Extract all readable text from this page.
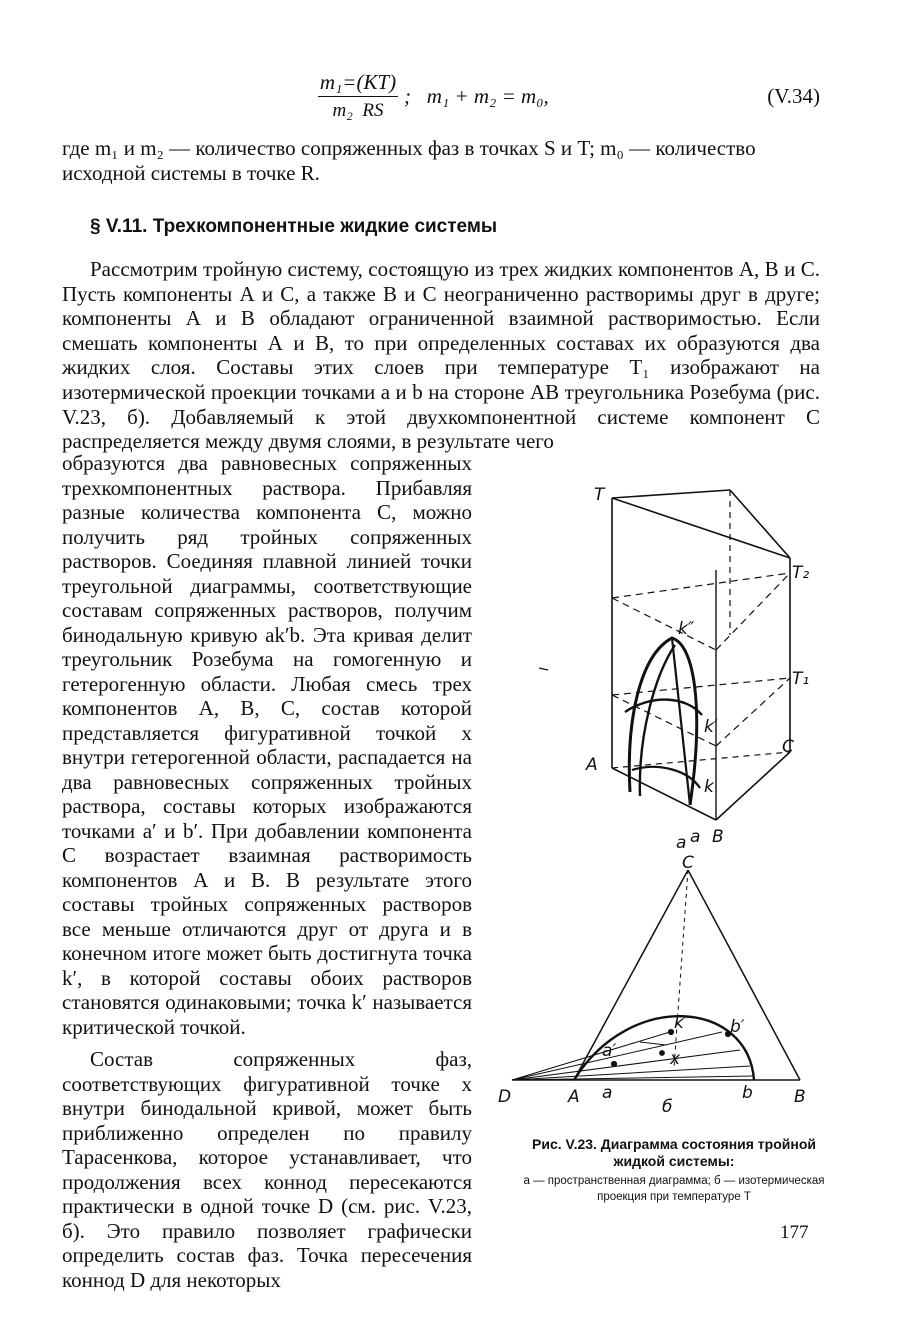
m₁=(KT)
m₂ RS
; m₁ + m₂ = m₀,	(V.34)

где m₁ и m₂ — количество сопряженных фаз в точках S и T; m₀ — количество исходной системы в точке R.

§ V.11. Трехкомпонентные жидкие системы

Рассмотрим тройную систему, состоящую из трех жидких компонентов А, В и С. Пусть компоненты А и С, а также В и С неограниченно растворимы друг в друге; компоненты А и В обладают ограниченной взаимной растворимостью. Если смешать компоненты А и В, то при определенных составах их образуются два жидких слоя. Составы этих слоев при температуре T₁ изображают на изотермической проекции точками a и b на стороне AB треугольника Розебума (рис. V.23, б). Добавляемый к этой двухкомпонентной системе компонент С распределяется между двумя слоями, в результате чего

образуются два равновесных сопряженных трехкомпонентных раствора. Прибавляя разные количества компонента С, можно получить ряд тройных сопряженных растворов. Соединяя плавной линией точки треугольной диаграммы, соответствующие составам сопряженных растворов, получим бинодальную кривую ak′b. Эта кривая делит треугольник Розебума на гомогенную и гетерогенную области. Любая смесь трех компонентов А, В, С, состав которой представляется фигуративной точкой x внутри гетерогенной области, распадается на два равновесных сопряженных тройных раствора, составы которых изображаются точками a′ и b′. При добавлении компонента С возрастает взаимная растворимость компонентов А и В. В результате этого составы тройных сопряженных растворов все меньше отличаются друг от друга и в конечном итоге может быть достигнута точка k′, в которой составы обоих растворов становятся одинаковыми; точка k′ называется критической точкой.

Состав сопряженных фаз, соответствующих фигуративной точке x внутри бинодальной кривой, может быть приближенно определен по правилу Тарасенкова, которое устанавливает, что продолжения всех коннод пересекаются практически в одной точке D (см. рис. V.23, б). Это правило позволяет графически определить состав фаз. Точка пересечения коннод D для некоторых

T
T₂
T₁
k″
k′
k
A
C
B
a
а
C
k′ b′
a′	x
D	A a	b B
б
Рис. V.23. Диаграмма состояния тройной жидкой системы:
а — пространственная диаграмма; б — изотермическая проекция при температуре T
177
